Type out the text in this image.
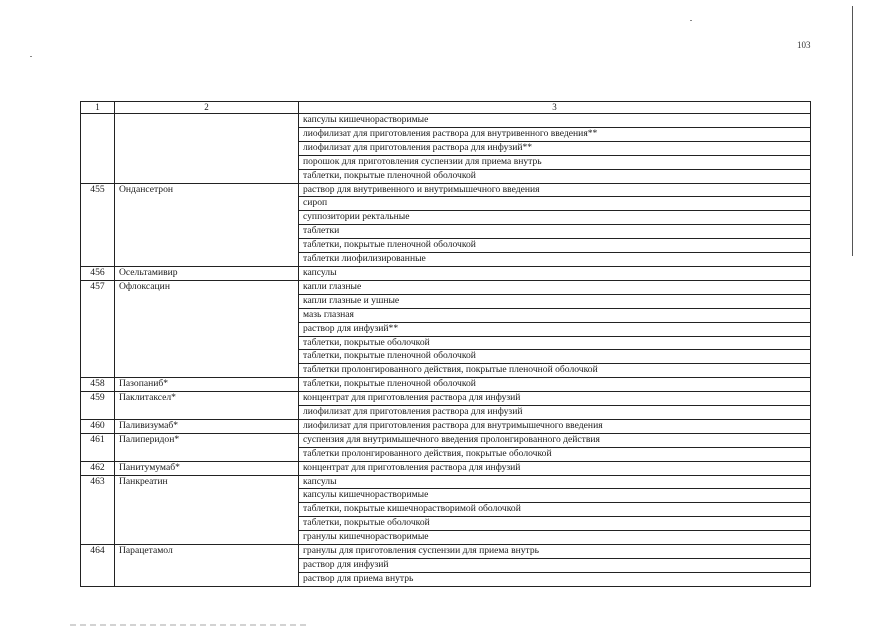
103
1	2	3
		капсулы кишечнорастворимые
		лиофилизат для приготовления раствора для внутривенного введения**
		лиофилизат для приготовления раствора для инфузий**
		порошок для приготовления суспензии для приема внутрь
		таблетки, покрытые пленочной оболочкой
455	Ондансетрон	раствор для внутривенного и внутримышечного введения
		сироп
		суппозитории ректальные
		таблетки
		таблетки, покрытые пленочной оболочкой
		таблетки лиофилизированные
456	Осельтамивир	капсулы
457	Офлоксацин	капли глазные
		капли глазные и ушные
		мазь глазная
		раствор для инфузий**
		таблетки, покрытые оболочкой
		таблетки, покрытые пленочной оболочкой
		таблетки пролонгированного действия, покрытые пленочной оболочкой
458	Пазопаниб*	таблетки, покрытые пленочной оболочкой
459	Паклитаксел*	концентрат для приготовления раствора для инфузий
		лиофилизат для приготовления раствора для инфузий
460	Паливизумаб*	лиофилизат для приготовления раствора для внутримышечного введения
461	Палиперидон*	суспензия для внутримышечного введения пролонгированного действия
		таблетки пролонгированного действия, покрытые оболочкой
462	Панитумумаб*	концентрат для приготовления раствора для инфузий
463	Панкреатин	капсулы
		капсулы кишечнорастворимые
		таблетки, покрытые кишечнорастворимой оболочкой
		таблетки, покрытые оболочкой
		гранулы кишечнорастворимые
464	Парацетамол	гранулы для приготовления суспензии для приема внутрь
		раствор для инфузий
		раствор для приема внутрь
